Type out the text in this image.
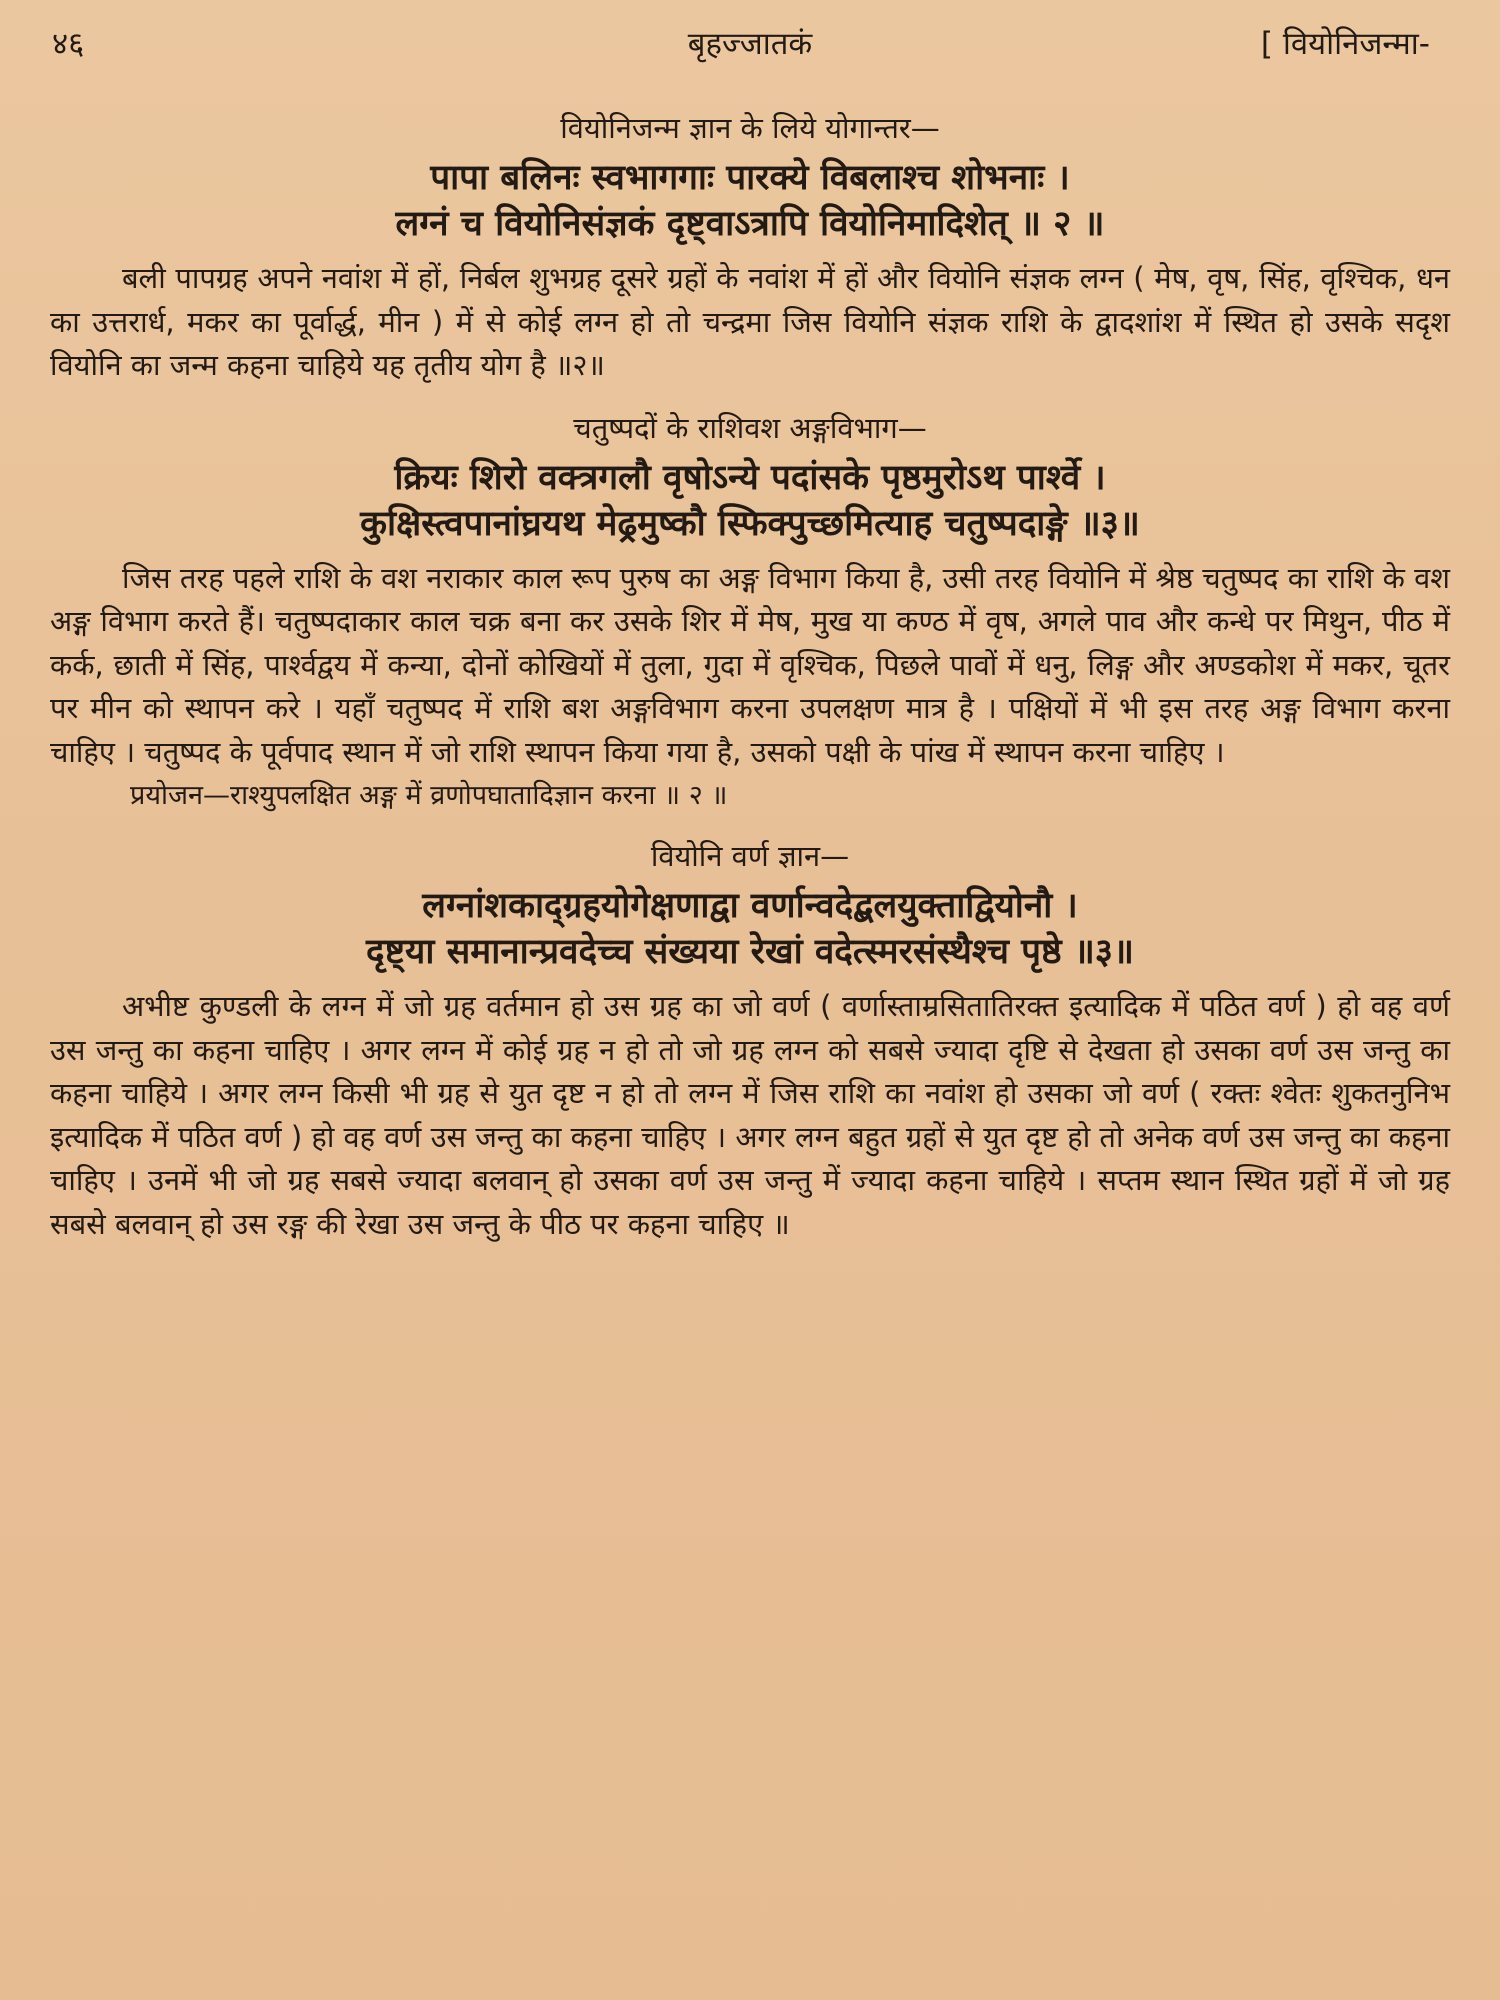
४६	बृहज्जातकं	[ वियोनिजन्मा-
वियोनिजन्म ज्ञान के लिये योगान्तर—
पापा बलिनः स्वभागगाः पारक्ये विबलाश्च शोभनाः ।
लग्नं च वियोनिसंज्ञकं दृष्ट्वाऽत्रापि वियोनिमादिशेत् ॥ २ ॥

बली पापग्रह अपने नवांश में हों, निर्बल शुभग्रह दूसरे ग्रहों के नवांश में हों और वियोनि संज्ञक लग्न ( मेष, वृष, सिंह, वृश्चिक, धन का उत्तरार्ध, मकर का पूर्वार्द्ध, मीन ) में से कोई लग्न हो तो चन्द्रमा जिस वियोनि संज्ञक राशि के द्वादशांश में स्थित हो उसके सदृश वियोनि का जन्म कहना चाहिये यह तृतीय योग है ॥२॥

चतुष्पदों के राशिवश अङ्गविभाग—
क्रियः शिरो वक्त्रगलौ वृषोऽन्ये पदांसके पृष्ठमुरोऽथ पार्श्वे ।
कुक्षिस्त्वपानांघ्रयथ मेढ्रमुष्कौ स्फिक्पुच्छमित्याह चतुष्पदाङ्गे ॥३॥

जिस तरह पहले राशि के वश नराकार काल रूप पुरुष का अङ्ग विभाग किया है, उसी तरह वियोनि में श्रेष्ठ चतुष्पद का राशि के वश अङ्ग विभाग करते हैं। चतुष्पदाकार काल चक्र बना कर उसके शिर में मेष, मुख या कण्ठ में वृष, अगले पाव और कन्धे पर मिथुन, पीठ में कर्क, छाती में सिंह, पार्श्वद्वय में कन्या, दोनों कोखियों में तुला, गुदा में वृश्चिक, पिछले पावों में धनु, लिङ्ग और अण्डकोश में मकर, चूतर पर मीन को स्थापन करे । यहाँ चतुष्पद में राशि बश अङ्गविभाग करना उपलक्षण मात्र है । पक्षियों में भी इस तरह अङ्ग विभाग करना चाहिए । चतुष्पद के पूर्वपाद स्थान में जो राशि स्थापन किया गया है, उसको पक्षी के पांख में स्थापन करना चाहिए ।

प्रयोजन—राश्युपलक्षित अङ्ग में व्रणोपघातादिज्ञान करना ॥ २ ॥
वियोनि वर्ण ज्ञान—
लग्नांशकाद्ग्रहयोगेक्षणाद्वा वर्णान्वदेद्बलयुक्ताद्वियोनौ ।
दृष्ट्या समानान्प्रवदेच्च संख्यया रेखां वदेत्स्मरसंस्थैश्च पृष्ठे ॥३॥

अभीष्ट कुण्डली के लग्न में जो ग्रह वर्तमान हो उस ग्रह का जो वर्ण ( वर्णास्ताम्रसितातिरक्त इत्यादिक में पठित वर्ण ) हो वह वर्ण उस जन्तु का कहना चाहिए । अगर लग्न में कोई ग्रह न हो तो जो ग्रह लग्न को सबसे ज्यादा दृष्टि से देखता हो उसका वर्ण उस जन्तु का कहना चाहिये । अगर लग्न किसी भी ग्रह से युत दृष्ट न हो तो लग्न में जिस राशि का नवांश हो उसका जो वर्ण ( रक्तः श्वेतः शुकतनुनिभ इत्यादिक में पठित वर्ण ) हो वह वर्ण उस जन्तु का कहना चाहिए । अगर लग्न बहुत ग्रहों से युत दृष्ट हो तो अनेक वर्ण उस जन्तु का कहना चाहिए । उनमें भी जो ग्रह सबसे ज्यादा बलवान् हो उसका वर्ण उस जन्तु में ज्यादा कहना चाहिये । सप्तम स्थान स्थित ग्रहों में जो ग्रह सबसे बलवान् हो उस रङ्ग की रेखा उस जन्तु के पीठ पर कहना चाहिए ॥
